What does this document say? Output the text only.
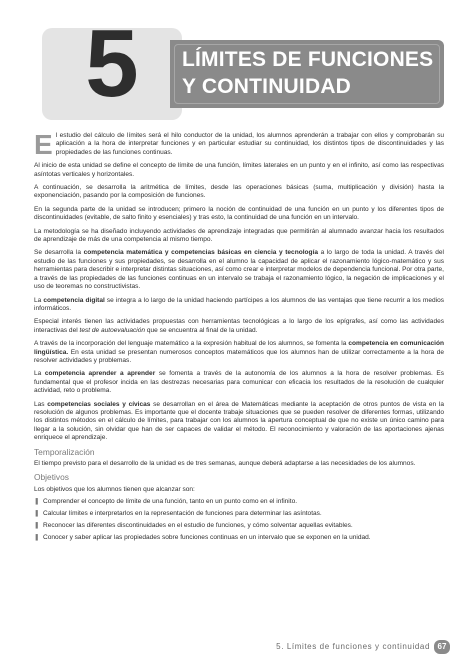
5	LÍMITES DE FUNCIONES
Y CONTINUIDAD

El estudio del cálculo de límites será el hilo conductor de la unidad, los alumnos aprenderán a trabajar con ellos y comprobarán su aplicación a la hora de interpretar funciones y en particular estudiar su continuidad, los distintos tipos de discontinuidades y las propiedades de las funciones continuas.

Al inicio de esta unidad se define el concepto de límite de una función, límites laterales en un punto y en el infinito, así como las respectivas asíntotas verticales y horizontales.

A continuación, se desarrolla la aritmética de límites, desde las operaciones básicas (suma, multiplicación y división) hasta la exponenciación, pasando por la composición de funciones.

En la segunda parte de la unidad se introducen; primero la noción de continuidad de una función en un punto y los diferentes tipos de discontinuidades (evitable, de salto finito y esenciales) y tras esto, la continuidad de una función en un intervalo.

La metodología se ha diseñado incluyendo actividades de aprendizaje integradas que permitirán al alumnado avanzar hacia los resultados de aprendizaje de más de una competencia al mismo tiempo.

Se desarrolla la competencia matemática y competencias básicas en ciencia y tecnología a lo largo de toda la unidad. A través del estudio de las funciones y sus propiedades, se desarrolla en el alumno la capacidad de aplicar el razonamiento lógico-matemático y sus herramientas para describir e interpretar distintas situaciones, así como crear e interpretar modelos de dependencia funcional. Por otra parte, a través de las propiedades de las funciones continuas en un intervalo se trabaja el razonamiento lógico, la negación de implicaciones y el uso de teoremas no constructivistas.

La competencia digital se integra a lo largo de la unidad haciendo partícipes a los alumnos de las ventajas que tiene recurrir a los medios informáticos.

Especial interés tienen las actividades propuestas con herramientas tecnológicas a lo largo de los epígrafes, así como las actividades interactivas del test de autoevaluación que se encuentra al final de la unidad.

A través de la incorporación del lenguaje matemático a la expresión habitual de los alumnos, se fomenta la competencia en comunicación lingüística. En esta unidad se presentan numerosos conceptos matemáticos que los alumnos han de utilizar correctamente a la hora de resolver actividades y problemas.

La competencia aprender a aprender se fomenta a través de la autonomía de los alumnos a la hora de resolver problemas. Es fundamental que el profesor incida en las destrezas necesarias para comunicar con eficacia los resultados de la resolución de cualquier actividad, reto o problema.

Las competencias sociales y cívicas se desarrollan en el área de Matemáticas mediante la aceptación de otros puntos de vista en la resolución de algunos problemas. Es importante que el docente trabaje situaciones que se pueden resolver de diferentes formas, utilizando los distintos métodos en el cálculo de límites, para trabajar con los alumnos la apertura conceptual de que no existe un único camino para llegar a la solución, sin olvidar que han de ser capaces de validar el método. El reconocimiento y valoración de las aportaciones ajenas enriquece el aprendizaje.

Temporalización

El tiempo previsto para el desarrollo de la unidad es de tres semanas, aunque deberá adaptarse a las necesidades de los alumnos.

Objetivos

Los objetivos que los alumnos tienen que alcanzar son:

❚ Comprender el concepto de límite de una función, tanto en un punto como en el infinito.
❚ Calcular límites e interpretarlos en la representación de funciones para determinar las asíntotas.
❚ Reconocer las diferentes discontinuidades en el estudio de funciones, y cómo solventar aquellas evitables.
❚ Conocer y saber aplicar las propiedades sobre funciones continuas en un intervalo que se exponen en la unidad.
5. Límites de funciones y continuidad 67
